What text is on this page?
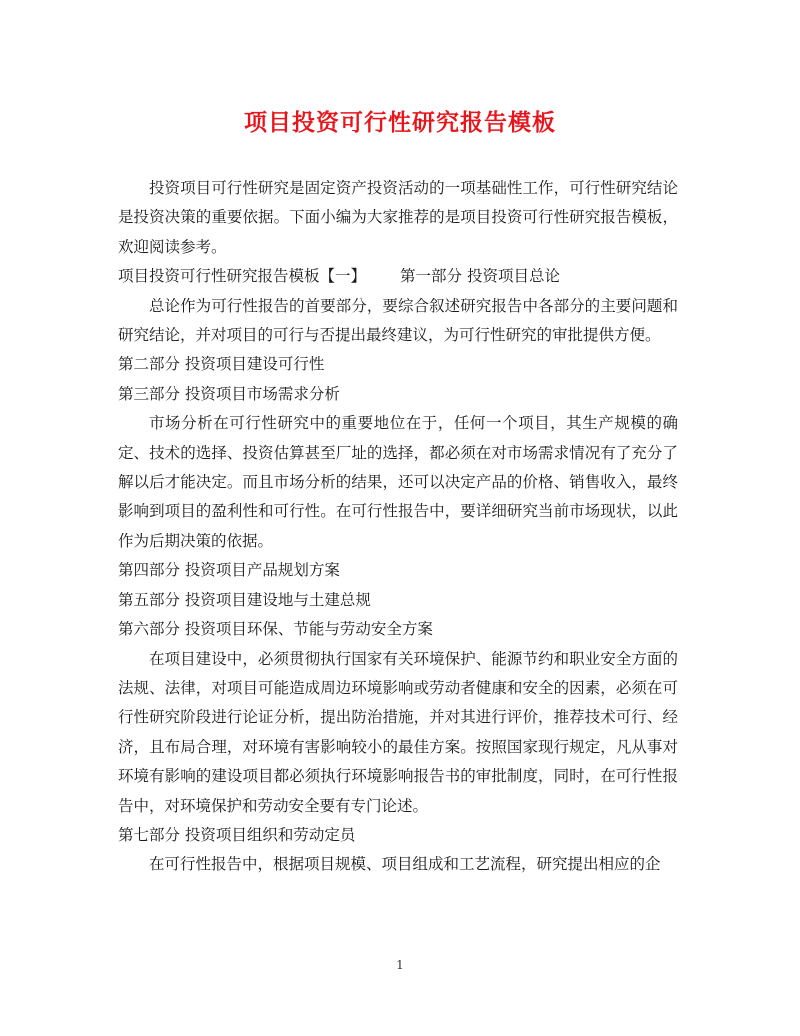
项目投资可行性研究报告模板

投资项目可行性研究是固定资产投资活动的一项基础性工作，可行性研究结论是投资决策的重要依据。下面小编为大家推荐的是项目投资可行性研究报告模板，欢迎阅读参考。

项目投资可行性研究报告模板【一】 第一部分 投资项目总论

总论作为可行性报告的首要部分，要综合叙述研究报告中各部分的主要问题和研究结论，并对项目的可行与否提出最终建议，为可行性研究的审批提供方便。

第二部分 投资项目建设可行性

第三部分 投资项目市场需求分析

市场分析在可行性研究中的重要地位在于，任何一个项目，其生产规模的确定、技术的选择、投资估算甚至厂址的选择，都必须在对市场需求情况有了充分了解以后才能决定。而且市场分析的结果，还可以决定产品的价格、销售收入，最终影响到项目的盈利性和可行性。在可行性报告中，要详细研究当前市场现状，以此作为后期决策的依据。

第四部分 投资项目产品规划方案

第五部分 投资项目建设地与土建总规

第六部分 投资项目环保、节能与劳动安全方案

在项目建设中，必须贯彻执行国家有关环境保护、能源节约和职业安全方面的法规、法律，对项目可能造成周边环境影响或劳动者健康和安全的因素，必须在可行性研究阶段进行论证分析，提出防治措施，并对其进行评价，推荐技术可行、经济，且布局合理，对环境有害影响较小的最佳方案。按照国家现行规定，凡从事对环境有影响的建设项目都必须执行环境影响报告书的审批制度，同时，在可行性报告中，对环境保护和劳动安全要有专门论述。

第七部分 投资项目组织和劳动定员

在可行性报告中，根据项目规模、项目组成和工艺流程，研究提出相应的企

1
